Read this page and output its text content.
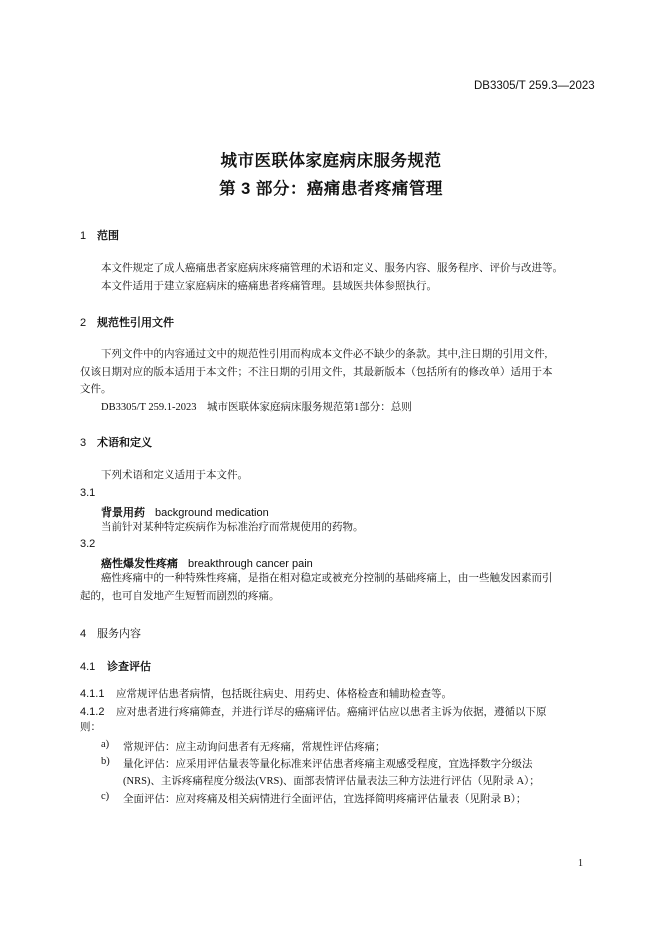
DB3305/T 259.3—2023
城市医联体家庭病床服务规范
第 3 部分：癌痛患者疼痛管理
1 范围
本文件规定了成人癌痛患者家庭病床疼痛管理的术语和定义、服务内容、服务程序、评价与改进等。
本文件适用于建立家庭病床的癌痛患者疼痛管理。县域医共体参照执行。
2 规范性引用文件
下列文件中的内容通过文中的规范性引用而构成本文件必不缺少的条款。其中,注日期的引用文件,
仅该日期对应的版本适用于本文件；不注日期的引用文件，其最新版本（包括所有的修改单）适用于本
文件。
DB3305/T 259.1-2023　城市医联体家庭病床服务规范第1部分：总则
3 术语和定义
下列术语和定义适用于本文件。
3.1
背景用药 background medication
当前针对某种特定疾病作为标准治疗而常规使用的药物。
3.2
癌性爆发性疼痛 breakthrough cancer pain
癌性疼痛中的一种特殊性疼痛，是指在相对稳定或被充分控制的基础疼痛上，由一些触发因素而引
起的，也可自发地产生短暂而剧烈的疼痛。
4 服务内容
4.1 诊查评估
4.1.1 应常规评估患者病情，包括既往病史、用药史、体格检查和辅助检查等。
4.1.2 应对患者进行疼痛筛查，并进行详尽的癌痛评估。癌痛评估应以患者主诉为依据，遵循以下原
则：
a) 常规评估：应主动询问患者有无疼痛，常规性评估疼痛；
b) 量化评估：应采用评估量表等量化标准来评估患者疼痛主观感受程度，宜选择数字分级法
(NRS)、主诉疼痛程度分级法(VRS)、面部表情评估量表法三种方法进行评估（见附录 A）；
c) 全面评估：应对疼痛及相关病情进行全面评估，宜选择简明疼痛评估量表（见附录 B）；
1
